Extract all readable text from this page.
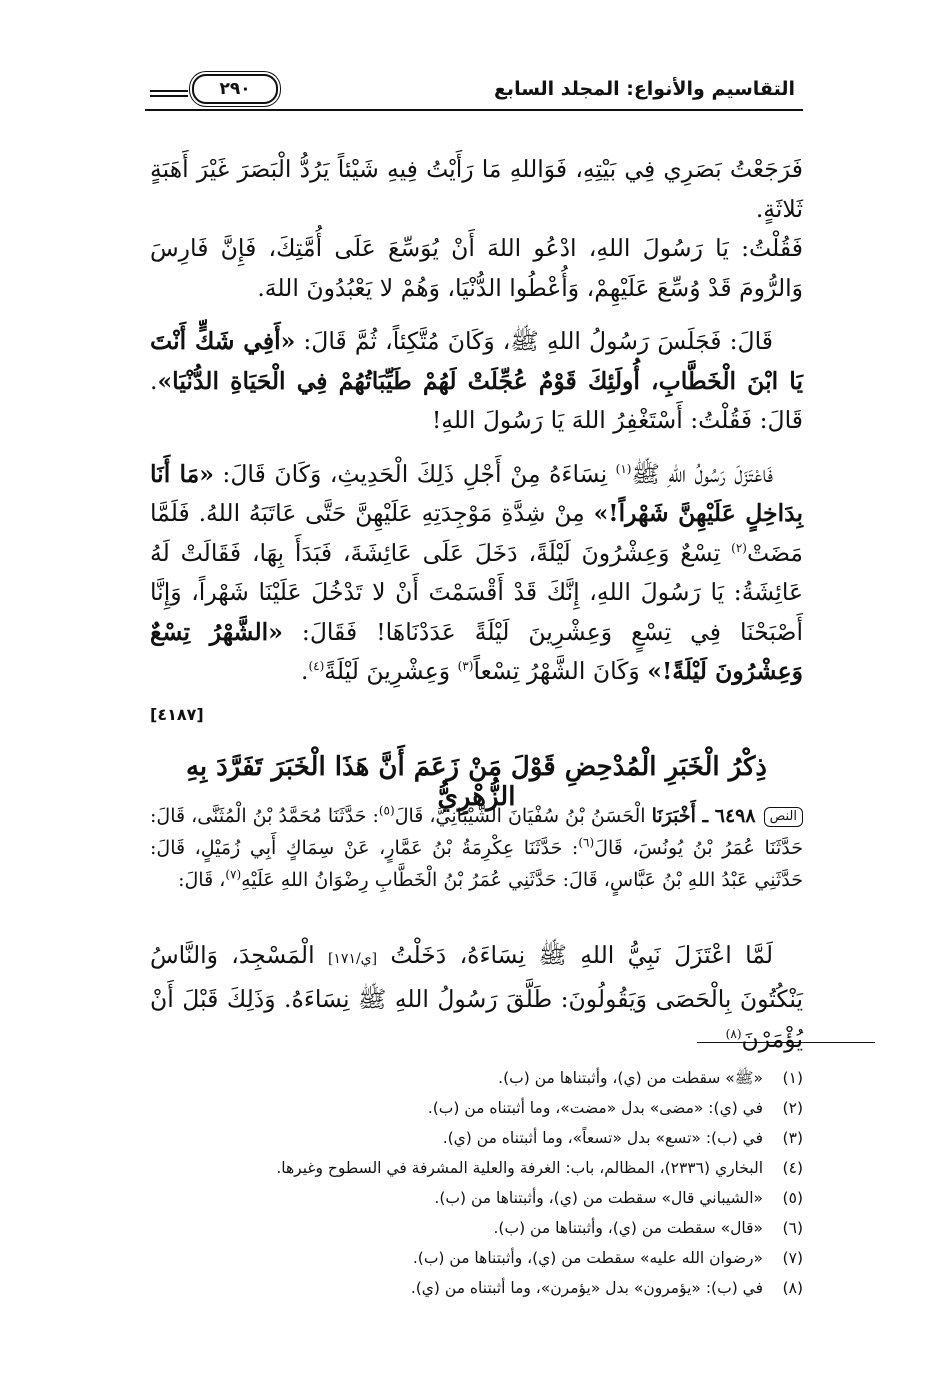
التقاسيم والأنواع: المجلد السابع
٢٩٠

فَرَجَعْتُ بَصَرِي فِي بَيْتِهِ، فَوَاللهِ مَا رَأَيْتُ فِيهِ شَيْئاً يَرُدُّ الْبَصَرَ غَيْرَ أَهَبَةٍ ثَلاثَةٍ.

فَقُلْتُ: يَا رَسُولَ اللهِ، ادْعُو اللهَ أَنْ يُوَسِّعَ عَلَى أُمَّتِكَ، فَإِنَّ فَارِسَ وَالرُّومَ قَدْ وُسِّعَ عَلَيْهِمْ، وَأُعْطُوا الدُّنْيَا، وَهُمْ لا يَعْبُدُونَ اللهَ.

قَالَ: فَجَلَسَ رَسُولُ اللهِ ﷺ، وَكَانَ مُتَّكِئاً، ثُمَّ قَالَ: «أَفِي شَكٍّ أَنْتَ يَا ابْنَ الْخَطَّابِ، أُولَئِكَ قَوْمٌ عُجِّلَتْ لَهُمْ طَيِّبَاتُهُمْ فِي الْحَيَاةِ الدُّنْيَا». قَالَ: فَقُلْتُ: أَسْتَغْفِرُ اللهَ يَا رَسُولَ اللهِ!

فَاعْتَزَلَ رَسُولُ اللهِ ﷺ$^{(١)}$ نِسَاءَهُ مِنْ أَجْلِ ذَلِكَ الْحَدِيثِ، وَكَانَ قَالَ: «مَا أَنَا بِدَاخِلٍ عَلَيْهِنَّ شَهْراً!» مِنْ شِدَّةِ مَوْجِدَتِهِ عَلَيْهِنَّ حَتَّى عَاتَبَهُ اللهُ. فَلَمَّا مَضَتْ$^{(٢)}$ تِسْعٌ وَعِشْرُونَ لَيْلَةً، دَخَلَ عَلَى عَائِشَةَ، فَبَدَأَ بِهَا، فَقَالَتْ لَهُ عَائِشَةُ: يَا رَسُولَ اللهِ، إِنَّكَ قَدْ أَقْسَمْتَ أَنْ لا تَدْخُلَ عَلَيْنَا شَهْراً، وَإِنَّا أَصْبَحْنَا فِي تِسْعٍ وَعِشْرِينَ لَيْلَةً عَدَدْنَاهَا! فَقَالَ: «الشَّهْرُ تِسْعٌ وَعِشْرُونَ لَيْلَةً!» وَكَانَ الشَّهْرُ تِسْعاً$^{(٣)}$ وَعِشْرِينَ لَيْلَةً$^{(٤)}$.

[٤١٨٧]
ذِكْرُ الْخَبَرِ الْمُدْحِضِ قَوْلَ مَنْ زَعَمَ أَنَّ هَذَا الْخَبَرَ تَفَرَّدَ بِهِ الزُّهْرِيُّ

النص٦٤٩٨ ـ أَخْبَرَنَا الْحَسَنُ بْنُ سُفْيَانَ الشَّيْبَانِيُّ، قَالَ$^{(٥)}$: حَدَّثَنَا مُحَمَّدُ بْنُ الْمُثَنَّى، قَالَ: حَدَّثَنَا عُمَرُ بْنُ يُونُسَ، قَالَ$^{(٦)}$: حَدَّثَنَا عِكْرِمَةُ بْنُ عَمَّارٍ، عَنْ سِمَاكٍ أَبِي زُمَيْلٍ، قَالَ: حَدَّثَنِي عَبْدُ اللهِ بْنُ عَبَّاسٍ، قَالَ: حَدَّثَنِي عُمَرُ بْنُ الْخَطَّابِ رِضْوَانُ اللهِ عَلَيْهِ$^{(٧)}$، قَالَ:

لَمَّا اعْتَزَلَ نَبِيُّ اللهِ ﷺ نِسَاءَهُ، دَخَلْتُ [ي/١٧١] الْمَسْجِدَ، وَالنَّاسُ يَنْكُتُونَ بِالْحَصَى وَيَقُولُونَ: طَلَّقَ رَسُولُ اللهِ ﷺ نِسَاءَهُ. وَذَلِكَ قَبْلَ أَنْ يُؤْمَرْنَ$^{(٨)}$

(١)
«ﷺ» سقطت من (ي)، وأثبتناها من (ب).
(٢)
في (ي): «مضى» بدل «مضت»، وما أثبتناه من (ب).
(٣)
في (ب): «تسع» بدل «تسعاً»، وما أثبتناه من (ي).
(٤)
البخاري (٢٣٣٦)، المظالم، باب: الغرفة والعلية المشرفة في السطوح وغيرها.
(٥)
«الشيباني قال» سقطت من (ي)، وأثبتناها من (ب).
(٦)
«قال» سقطت من (ي)، وأثبتناها من (ب).
(٧)
«رضوان الله عليه» سقطت من (ي)، وأثبتناها من (ب).
(٨)
في (ب): «يؤمرون» بدل «يؤمرن»، وما أثبتناه من (ي).
